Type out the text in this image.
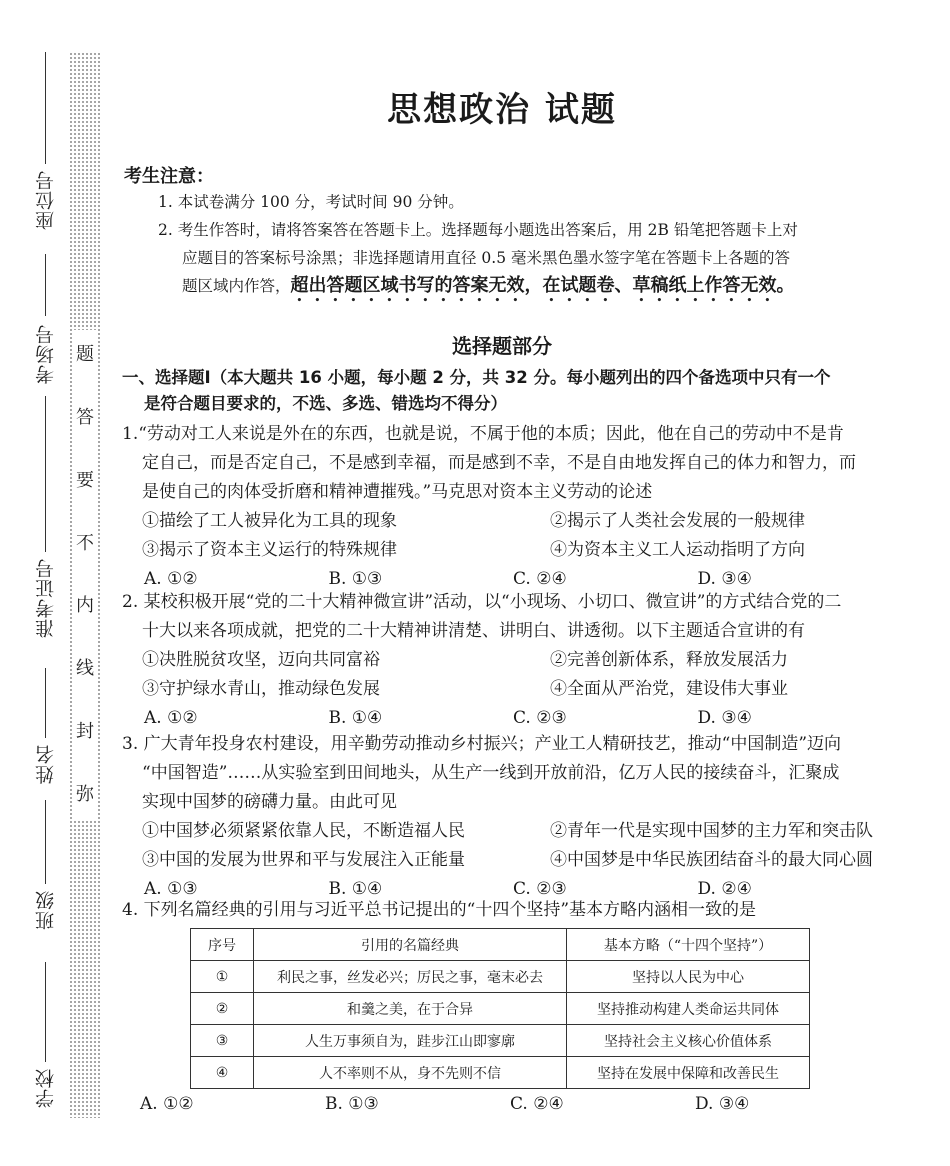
题
答
要
不
内
线
封
弥
座位号
考场号
准考证号
姓名
班级
学校
思想政治 试题
考生注意：
1. 本试卷满分 100 分，考试时间 90 分钟。
2. 考生作答时，请将答案答在答题卡上。选择题每小题选出答案后，用 2B 铅笔把答题卡上对
应题目的答案标号涂黑；非选择题请用直径 0.5 毫米黑色墨水签字笔在答题卡上各题的答
题区域内作答，超出答题区域书写的答案无效，在试题卷、草稿纸上作答无效。
选择题部分
一、选择题Ⅰ（本大题共 16 小题，每小题 2 分，共 32 分。每小题列出的四个备选项中只有一个
是符合题目要求的，不选、多选、错选均不得分）

1.“劳动对工人来说是外在的东西，也就是说，不属于他的本质；因此，他在自己的劳动中不是肯

定自己，而是否定自己，不是感到幸福，而是感到不幸，不是自由地发挥自己的体力和智力，而

是使自己的肉体受折磨和精神遭摧残。”马克思对资本主义劳动的论述

①描绘了工人被异化为工具的现象	②揭示了人类社会发展的一般规律
③揭示了资本主义运行的特殊规律	④为资本主义工人运动指明了方向
A. ①②	B. ①③	C. ②④	D. ③④

2. 某校积极开展“党的二十大精神微宣讲”活动，以“小现场、小切口、微宣讲”的方式结合党的二

十大以来各项成就，把党的二十大精神讲清楚、讲明白、讲透彻。以下主题适合宣讲的有

①决胜脱贫攻坚，迈向共同富裕	②完善创新体系，释放发展活力
③守护绿水青山，推动绿色发展	④全面从严治党，建设伟大事业
A. ①②	B. ①④	C. ②③	D. ③④

3. 广大青年投身农村建设，用辛勤劳动推动乡村振兴；产业工人精研技艺，推动“中国制造”迈向

“中国智造”……从实验室到田间地头，从生产一线到开放前沿，亿万人民的接续奋斗，汇聚成

实现中国梦的磅礴力量。由此可见

①中国梦必须紧紧依靠人民，不断造福人民	②青年一代是实现中国梦的主力军和突击队
③中国的发展为世界和平与发展注入正能量	④中国梦是中华民族团结奋斗的最大同心圆
A. ①③	B. ①④	C. ②③	D. ②④

4. 下列名篇经典的引用与习近平总书记提出的“十四个坚持”基本方略内涵相一致的是

序号	引用的名篇经典	基本方略（“十四个坚持”）
①	利民之事，丝发必兴；厉民之事，毫末必去	坚持以人民为中心
②	和羹之美，在于合异	坚持推动构建人类命运共同体
③	人生万事须自为，跬步江山即寥廓	坚持社会主义核心价值体系
④	人不率则不从，身不先则不信	坚持在发展中保障和改善民生
A. ①②	B. ①③	C. ②④	D. ③④
